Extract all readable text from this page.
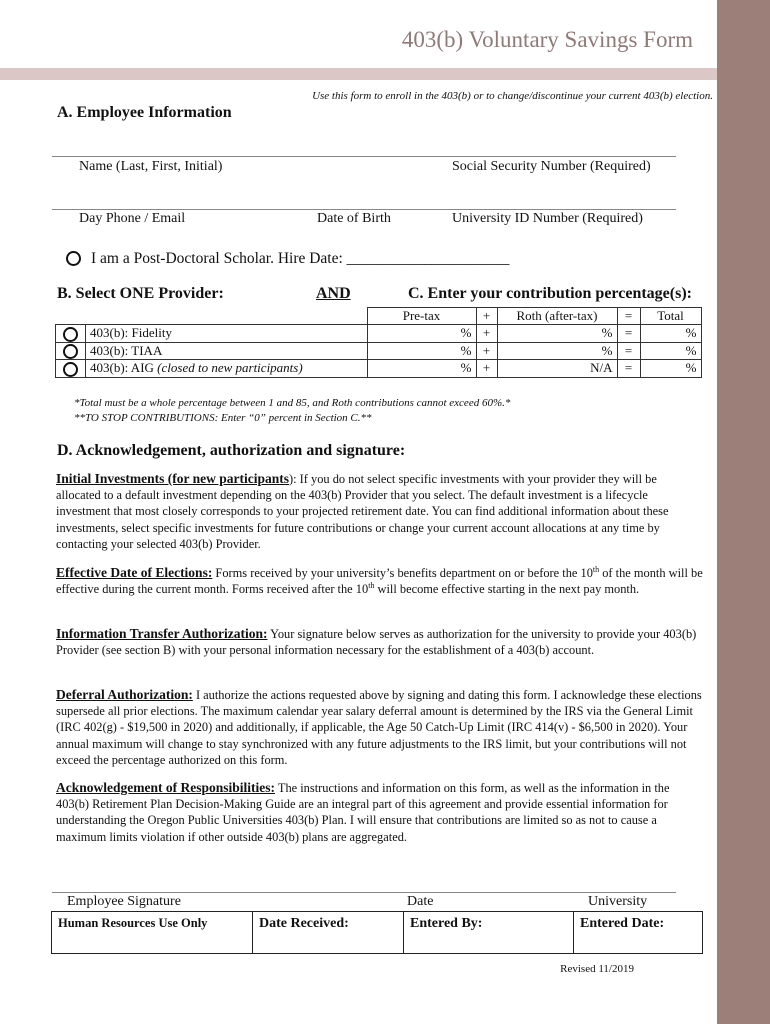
403(b) Voluntary Savings Form
Use this form to enroll in the 403(b) or to change/discontinue your current 403(b) election.
A. Employee Information
Name (Last, First, Initial)	Social Security Number (Required)
Day Phone / Email	Date of Birth	University ID Number (Required)
I am a Post-Doctoral Scholar. Hire Date: _____________________
B. Select ONE Provider:	AND	C. Enter your contribution percentage(s):
		Pre-tax	+	Roth (after-tax)	=	Total
	403(b): Fidelity	%	+	%	=	%
	403(b): TIAA	%	+	%	=	%
	403(b): AIG (closed to new participants)	%	+	N/A	=	%
*Total must be a whole percentage between 1 and 85, and Roth contributions cannot exceed 60%.*
**TO STOP CONTRIBUTIONS: Enter “0” percent in Section C.**
D. Acknowledgement, authorization and signature:
Initial Investments (for new participants): If you do not select specific investments with your provider they will be allocated to a default investment depending on the 403(b) Provider that you select. The default investment is a lifecycle investment that most closely corresponds to your projected retirement date. You can find additional information about these investments, select specific investments for future contributions or change your current account allocations at any time by contacting your selected 403(b) Provider.
Effective Date of Elections: Forms received by your university’s benefits department on or before the 10th of the month will be effective during the current month. Forms received after the 10th will become effective starting in the next pay month.
Information Transfer Authorization: Your signature below serves as authorization for the university to provide your 403(b) Provider (see section B) with your personal information necessary for the establishment of a 403(b) account.
Deferral Authorization: I authorize the actions requested above by signing and dating this form. I acknowledge these elections supersede all prior elections. The maximum calendar year salary deferral amount is determined by the IRS via the General Limit (IRC 402(g) - $19,500 in 2020) and additionally, if applicable, the Age 50 Catch-Up Limit (IRC 414(v) - $6,500 in 2020). Your annual maximum will change to stay synchronized with any future adjustments to the IRS limit, but your contributions will not exceed the percentage authorized on this form.
Acknowledgement of Responsibilities: The instructions and information on this form, as well as the information in the 403(b) Retirement Plan Decision-Making Guide are an integral part of this agreement and provide essential information for understanding the Oregon Public Universities 403(b) Plan. I will ensure that contributions are limited so as not to cause a maximum limits violation if other outside 403(b) plans are aggregated.
Employee Signature	Date	University
Human Resources Use Only	Date Received:	Entered By:	Entered Date:
Revised 11/2019
